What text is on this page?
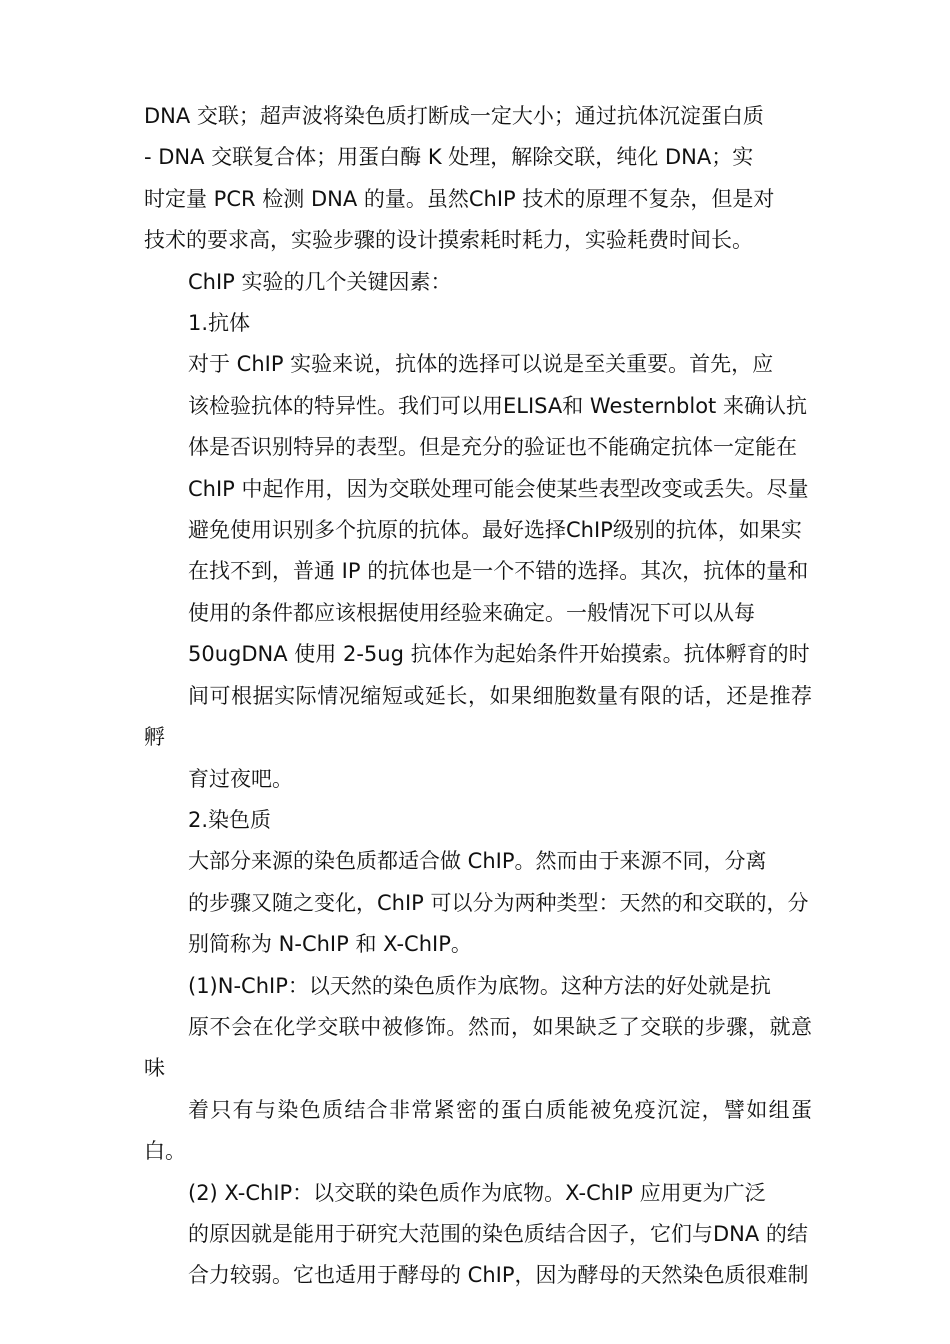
DNA 交联；超声波将染色质打断成一定大小；通过抗体沉淀蛋白质
- DNA 交联复合体；用蛋白酶 K 处理，解除交联，纯化 DNA；实
时定量 PCR 检测 DNA 的量。虽然ChIP 技术的原理不复杂，但是对
技术的要求高，实验步骤的设计摸索耗时耗力，实验耗费时间长。

ChIP 实验的几个关键因素：

1.抗体

对于 ChIP 实验来说，抗体的选择可以说是至关重要。首先，应
该检验抗体的特异性。我们可以用ELISA和 Westernblot 来确认抗
体是否识别特异的表型。但是充分的验证也不能确定抗体一定能在
ChIP 中起作用，因为交联处理可能会使某些表型改变或丢失。尽量
避免使用识别多个抗原的抗体。最好选择ChIP级别的抗体，如果实
在找不到，普通 IP 的抗体也是一个不错的选择。其次，抗体的量和
使用的条件都应该根据使用经验来确定。一般情况下可以从每
50ugDNA 使用 2-5ug 抗体作为起始条件开始摸索。抗体孵育的时
间可根据实际情况缩短或延长，如果细胞数量有限的话，还是推荐孵
育过夜吧。

2.染色质

大部分来源的染色质都适合做 ChIP。然而由于来源不同，分离
的步骤又随之变化，ChIP 可以分为两种类型：天然的和交联的，分
别简称为 N-ChIP 和 X-ChIP。

(1)N-ChIP：以天然的染色质作为底物。这种方法的好处就是抗
原不会在化学交联中被修饰。然而，如果缺乏了交联的步骤，就意味
着只有与染色质结合非常紧密的蛋白质能被免疫沉淀，譬如组蛋白。

(2) X-ChIP：以交联的染色质作为底物。X-ChIP 应用更为广泛
的原因就是能用于研究大范围的染色质结合因子，它们与DNA 的结
合力较弱。它也适用于酵母的 ChIP，因为酵母的天然染色质很难制
